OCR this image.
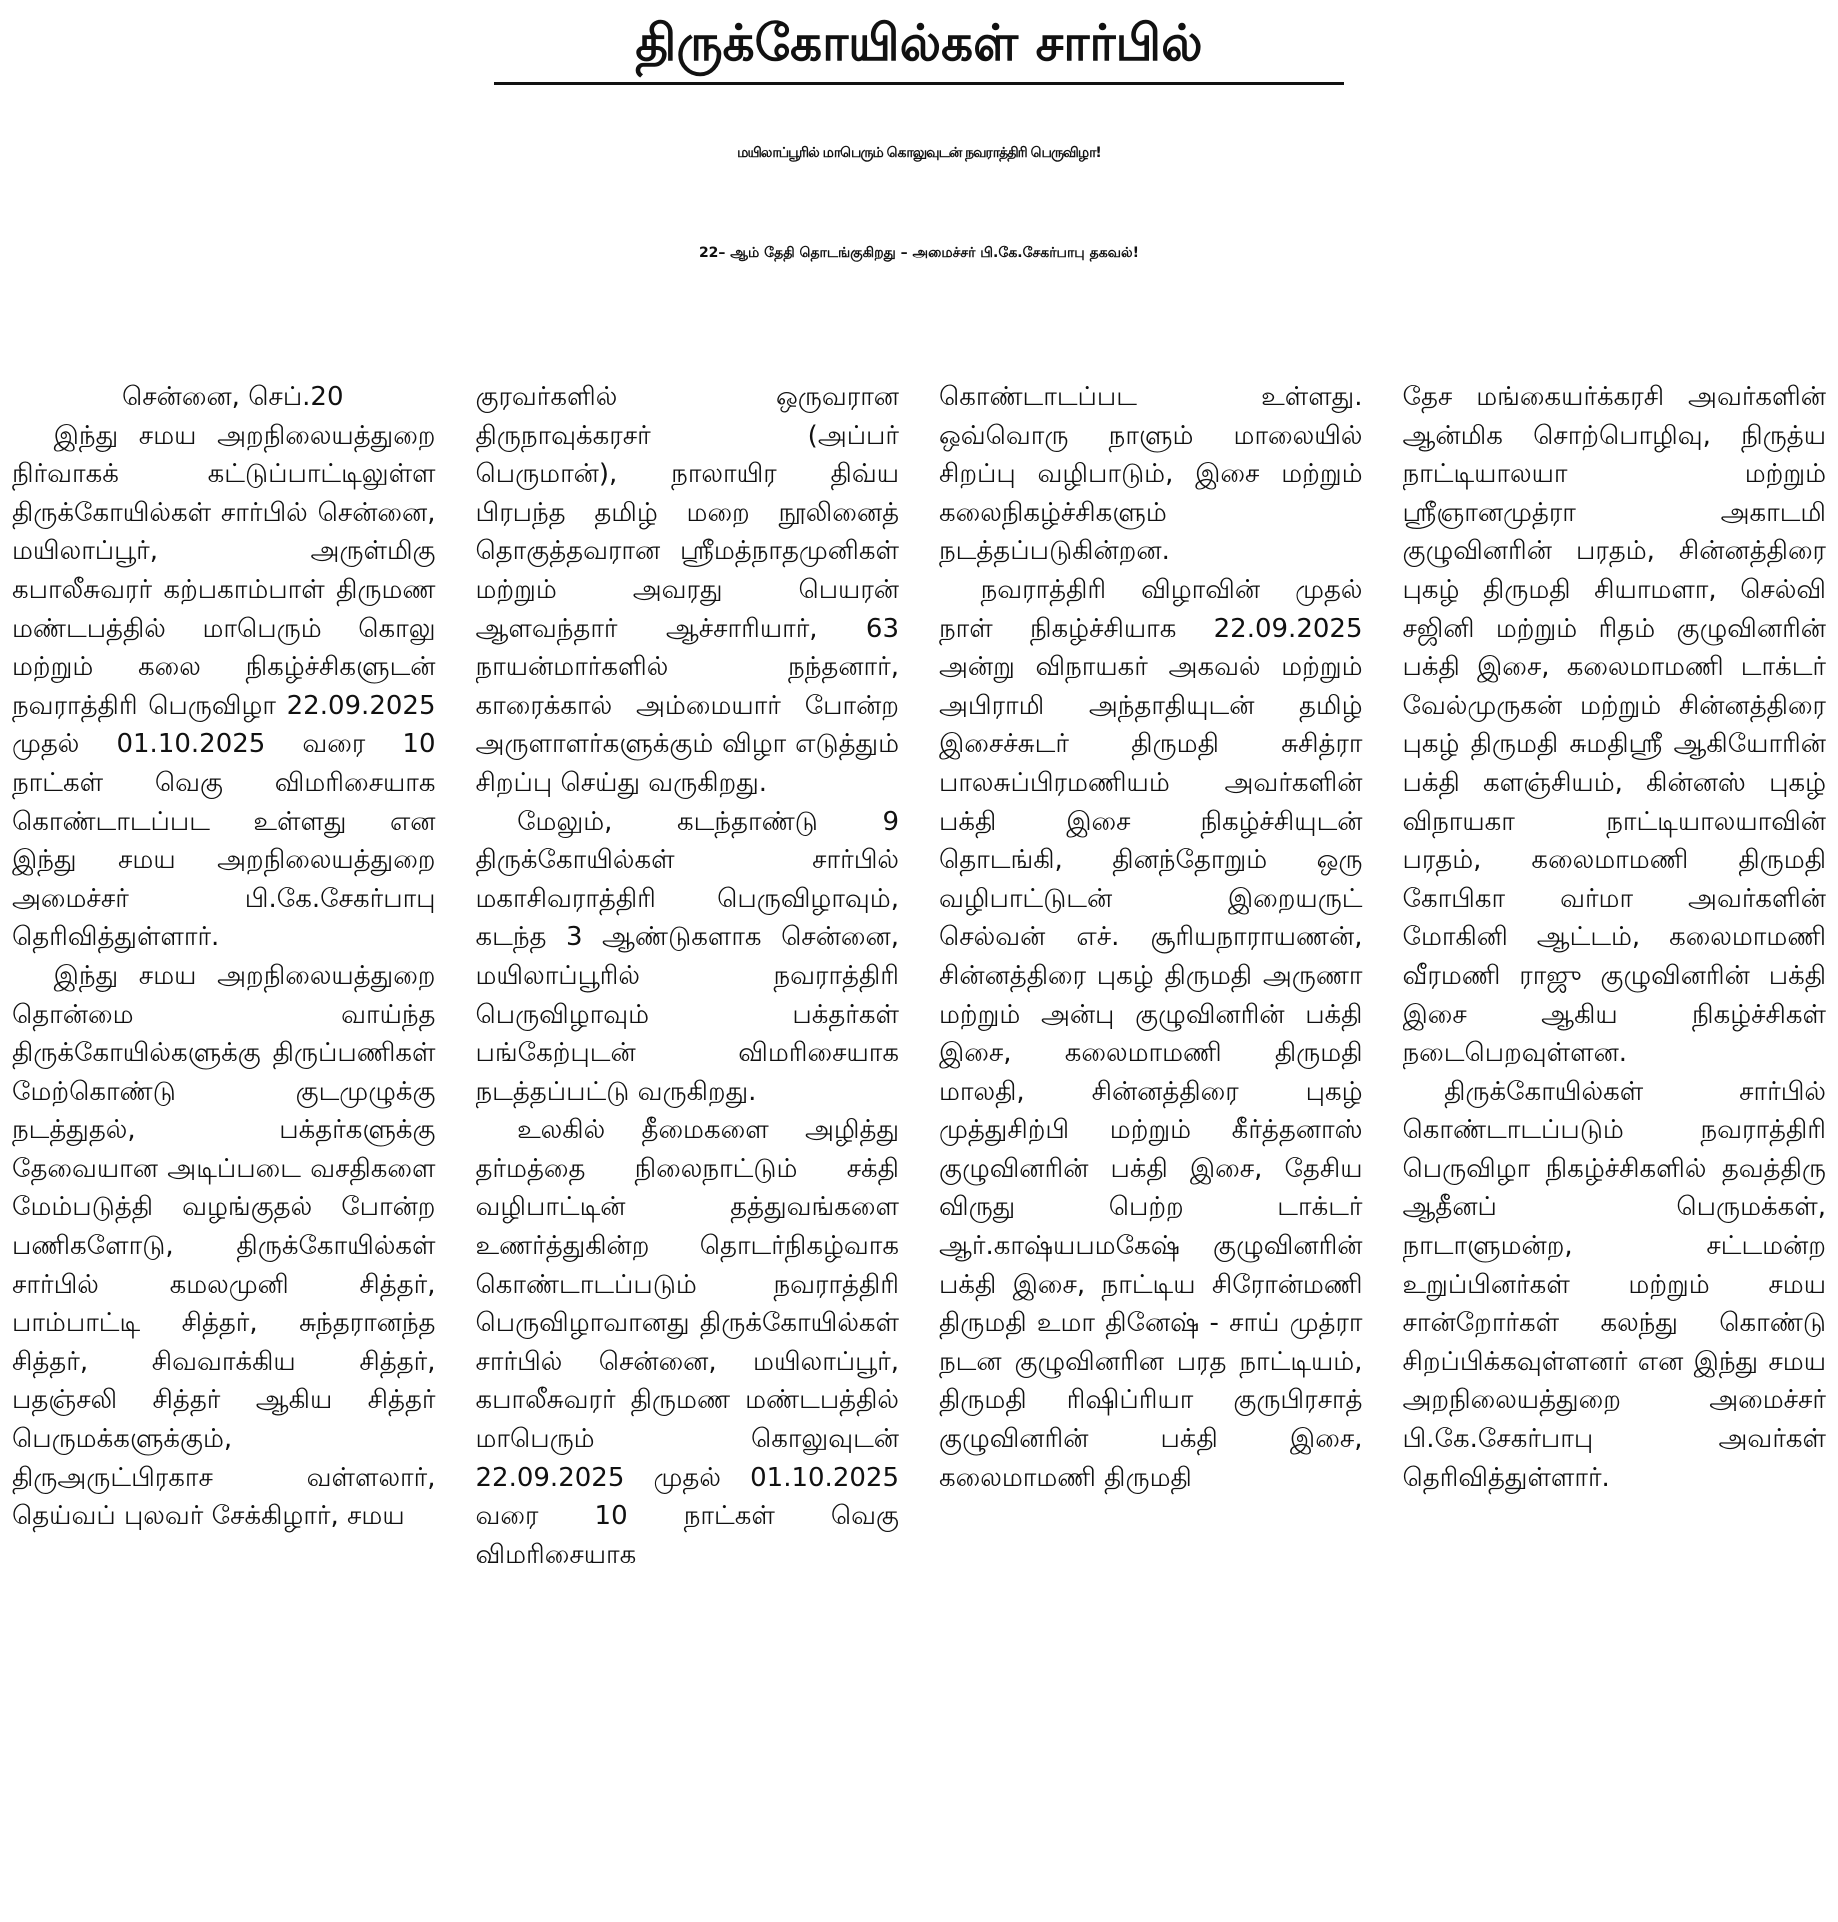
திருக்கோயில்கள் சார்பில்
மயிலாப்பூரில் மாபெரும் கொலுவுடன் நவராத்திரி பெருவிழா!
22– ஆம் தேதி தொடங்குகிறது – அமைச்சர் பி.கே.சேகர்பாபு தகவல்!

சென்னை, செப்.20

இந்து சமய அறநிலையத்துறை நிர்வாகக் கட்டுப்பாட்டிலுள்ள திருக்கோயில்கள் சார்பில் சென்னை, மயிலாப்பூர், அருள்மிகு கபாலீசுவரர் கற்பகாம்பாள் திருமண மண்டபத்தில் மாபெரும் கொலு மற்றும் கலை நிகழ்ச்சிகளுடன் நவராத்திரி பெருவிழா 22.09.2025 முதல் 01.10.2025 வரை 10 நாட்கள் வெகு விமரிசையாக கொண்டாடப்பட உள்ளது என இந்து சமய அறநிலையத்துறை அமைச்சர் பி.கே.சேகர்பாபு தெரிவித்துள்ளார்.

இந்து சமய அறநிலையத்துறை தொன்மை வாய்ந்த திருக்கோயில்களுக்கு திருப்பணிகள் மேற்கொண்டு குடமுழுக்கு நடத்துதல், பக்தர்களுக்கு தேவையான அடிப்படை வசதிகளை மேம்படுத்தி வழங்குதல் போன்ற பணிகளோடு, திருக்கோயில்கள் சார்பில் கமலமுனி சித்தர், பாம்பாட்டி சித்தர், சுந்தரானந்த சித்தர், சிவவாக்கிய சித்தர், பதஞ்சலி சித்தர் ஆகிய சித்தர் பெருமக்களுக்கும், திருஅருட்பிரகாச வள்ளலார், தெய்வப் புலவர் சேக்கிழார், சமய

குரவர்களில் ஒருவரான திருநாவுக்கரசர் (அப்பர் பெருமான்), நாலாயிர திவ்ய பிரபந்த தமிழ் மறை நூலினைத் தொகுத்தவரான ஸ்ரீமத்நாதமுனிகள் மற்றும் அவரது பெயரன் ஆளவந்தார் ஆச்சாரியார், 63 நாயன்மார்களில் நந்தனார், காரைக்கால் அம்மையார் போன்ற அருளாளர்களுக்கும் விழா எடுத்தும் சிறப்பு செய்து வருகிறது.

மேலும், கடந்தாண்டு 9 திருக்கோயில்கள் சார்பில் மகாசிவராத்திரி பெருவிழாவும், கடந்த 3 ஆண்டுகளாக சென்னை, மயிலாப்பூரில் நவராத்திரி பெருவிழாவும் பக்தர்கள் பங்கேற்புடன் விமரிசையாக நடத்தப்பட்டு வருகிறது.

உலகில் தீமைகளை அழித்து தர்மத்தை நிலைநாட்டும் சக்தி வழிபாட்டின் தத்துவங்களை உணர்த்துகின்ற தொடர்நிகழ்வாக கொண்டாடப்படும் நவராத்திரி பெருவிழாவானது திருக்கோயில்கள் சார்பில் சென்னை, மயிலாப்பூர், கபாலீசுவரர் திருமண மண்டபத்தில் மாபெரும் கொலுவுடன் 22.09.2025 முதல் 01.10.2025 வரை 10 நாட்கள் வெகு விமரிசையாக

கொண்டாடப்பட உள்ளது. ஒவ்வொரு நாளும் மாலையில் சிறப்பு வழிபாடும், இசை மற்றும் கலைநிகழ்ச்சிகளும் நடத்தப்படுகின்றன.

நவராத்திரி விழாவின் முதல் நாள் நிகழ்ச்சியாக 22.09.2025 அன்று விநாயகர் அகவல் மற்றும் அபிராமி அந்தாதியுடன் தமிழ் இசைச்சுடர் திருமதி சுசித்ரா பாலசுப்பிரமணியம் அவர்களின் பக்தி இசை நிகழ்ச்சியுடன் தொடங்கி, தினந்தோறும் ஒரு வழிபாட்டுடன் இறையருட் செல்வன் எச். சூரியநாராயணன், சின்னத்திரை புகழ் திருமதி அருணா மற்றும் அன்பு குழுவினரின் பக்தி இசை, கலைமாமணி திருமதி மாலதி, சின்னத்திரை புகழ் முத்துசிற்பி மற்றும் கீர்த்தனாஸ் குழுவினரின் பக்தி இசை, தேசிய விருது பெற்ற டாக்டர் ஆர்.காஷ்யபமகேஷ் குழுவினரின் பக்தி இசை, நாட்டிய சிரோன்மணி திருமதி உமா தினேஷ் - சாய் முத்ரா நடன குழுவினரின பரத நாட்டியம், திருமதி ரிஷிப்ரியா குருபிரசாத் குழுவினரின் பக்தி இசை, கலைமாமணி திருமதி

தேச மங்கையர்க்கரசி அவர்களின் ஆன்மிக சொற்பொழிவு, நிருத்ய நாட்டியாலயா மற்றும் ஸ்ரீஞானமுத்ரா அகாடமி குழுவினரின் பரதம், சின்னத்திரை புகழ் திருமதி சியாமளா, செல்வி சஜினி மற்றும் ரிதம் குழுவினரின் பக்தி இசை, கலைமாமணி டாக்டர் வேல்முருகன் மற்றும் சின்னத்திரை புகழ் திருமதி சுமதிஸ்ரீ ஆகியோரின் பக்தி களஞ்சியம், கின்னஸ் புகழ் விநாயகா நாட்டியாலயாவின் பரதம், கலைமாமணி திருமதி கோபிகா வர்மா அவர்களின் மோகினி ஆட்டம், கலைமாமணி வீரமணி ராஜு குழுவினரின் பக்தி இசை ஆகிய நிகழ்ச்சிகள் நடைபெறவுள்ளன.

திருக்கோயில்கள் சார்பில் கொண்டாடப்படும் நவராத்திரி பெருவிழா நிகழ்ச்சிகளில் தவத்திரு ஆதீனப் பெருமக்கள், நாடாளுமன்ற, சட்டமன்ற உறுப்பினர்கள் மற்றும் சமய சான்றோர்கள் கலந்து கொண்டு சிறப்பிக்கவுள்ளனர் என இந்து சமய அறநிலையத்துறை அமைச்சர் பி.கே.சேகர்பாபு அவர்கள் தெரிவித்துள்ளார்.
